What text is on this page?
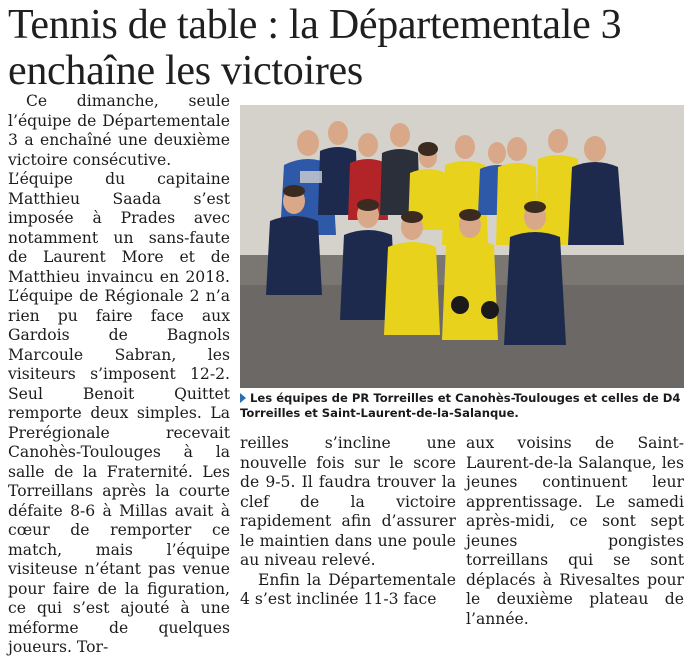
Tennis de table : la Départementale 3
enchaîne les victoires

Ce dimanche, seule l’équipe de Départementale 3 a enchaîné une deuxième victoire consécutive.

L’équipe du capitaine Matthieu Saada s’est imposée à Prades avec notamment un sans-faute de Laurent More et de Matthieu invaincu en 2018. L’équipe de Régionale 2 n’a rien pu faire face aux Gardois de Bagnols Marcoule Sabran, les visiteurs s’imposent 12-2. Seul Benoit Quittet remporte deux simples. La Prerégionale recevait Canohès-Toulouges à la salle de la Fraternité. Les Torreillans après la courte défaite 8-6 à Millas avait à cœur de remporter ce match, mais l’équipe visiteuse n’étant pas venue pour faire de la figuration, ce qui s’est ajouté à une méforme de quelques joueurs. Tor-

Les équipes de PR Torreilles et Canohès-Toulouges et celles de D4 Torreilles et Saint-Laurent-de-la-Salanque.

reilles s’incline une nouvelle fois sur le score de 9-5. Il faudra trouver la clef de la victoire rapidement afin d’assurer le maintien dans une poule au niveau relevé.

Enfin la Départementale 4 s’est inclinée 11-3 face

aux voisins de Saint-Laurent-de-la Salanque, les jeunes continuent leur apprentissage. Le samedi après-midi, ce sont sept jeunes pongistes torreillans qui se sont déplacés à Rivesaltes pour le deuxième plateau de l’année.
